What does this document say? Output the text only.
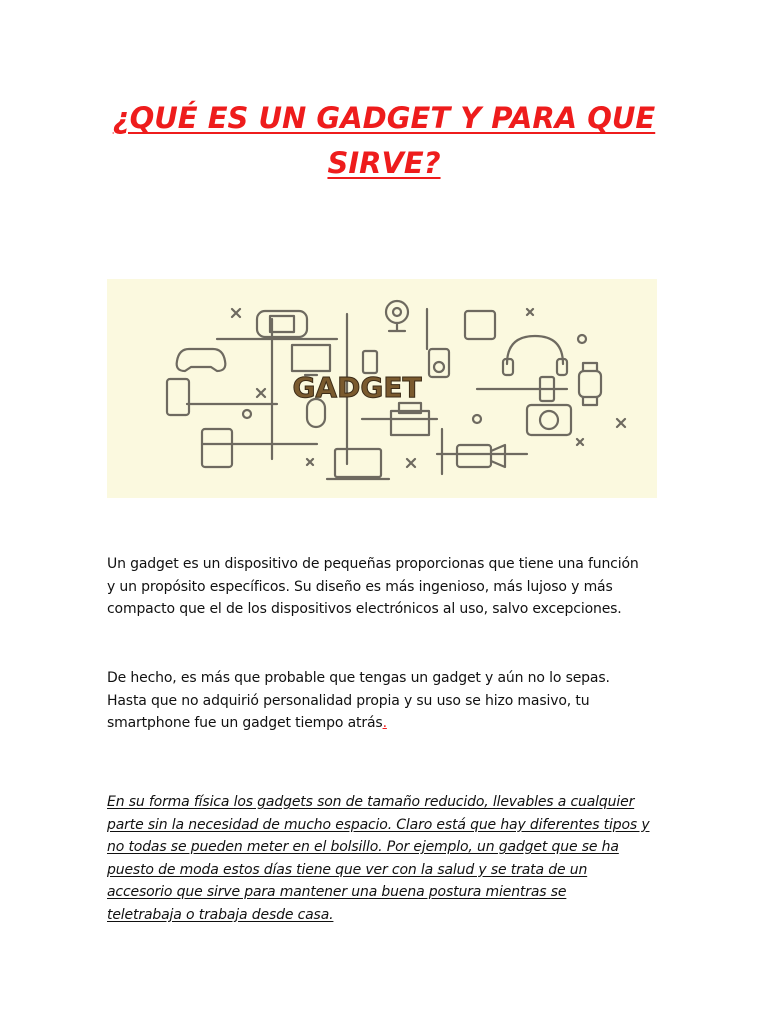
¿QUÉ ES UN GADGET Y PARA QUE
SIRVE?
GADGET
Un gadget es un dispositivo de pequeñas proporcionas que tiene una función
y un propósito específicos. Su diseño es más ingenioso, más lujoso y más
compacto que el de los dispositivos electrónicos al uso, salvo excepciones.
De hecho, es más que probable que tengas un gadget y aún no lo sepas.
Hasta que no adquirió personalidad propia y su uso se hizo masivo, tu
smartphone fue un gadget tiempo atrás.
En su forma física los gadgets son de tamaño reducido, llevables a cualquier
parte sin la necesidad de mucho espacio. Claro está que hay diferentes tipos y
no todas se pueden meter en el bolsillo. Por ejemplo, un gadget que se ha
puesto de moda estos días tiene que ver con la salud y se trata de un
accesorio que sirve para mantener una buena postura mientras se
teletrabaja o trabaja desde casa.
